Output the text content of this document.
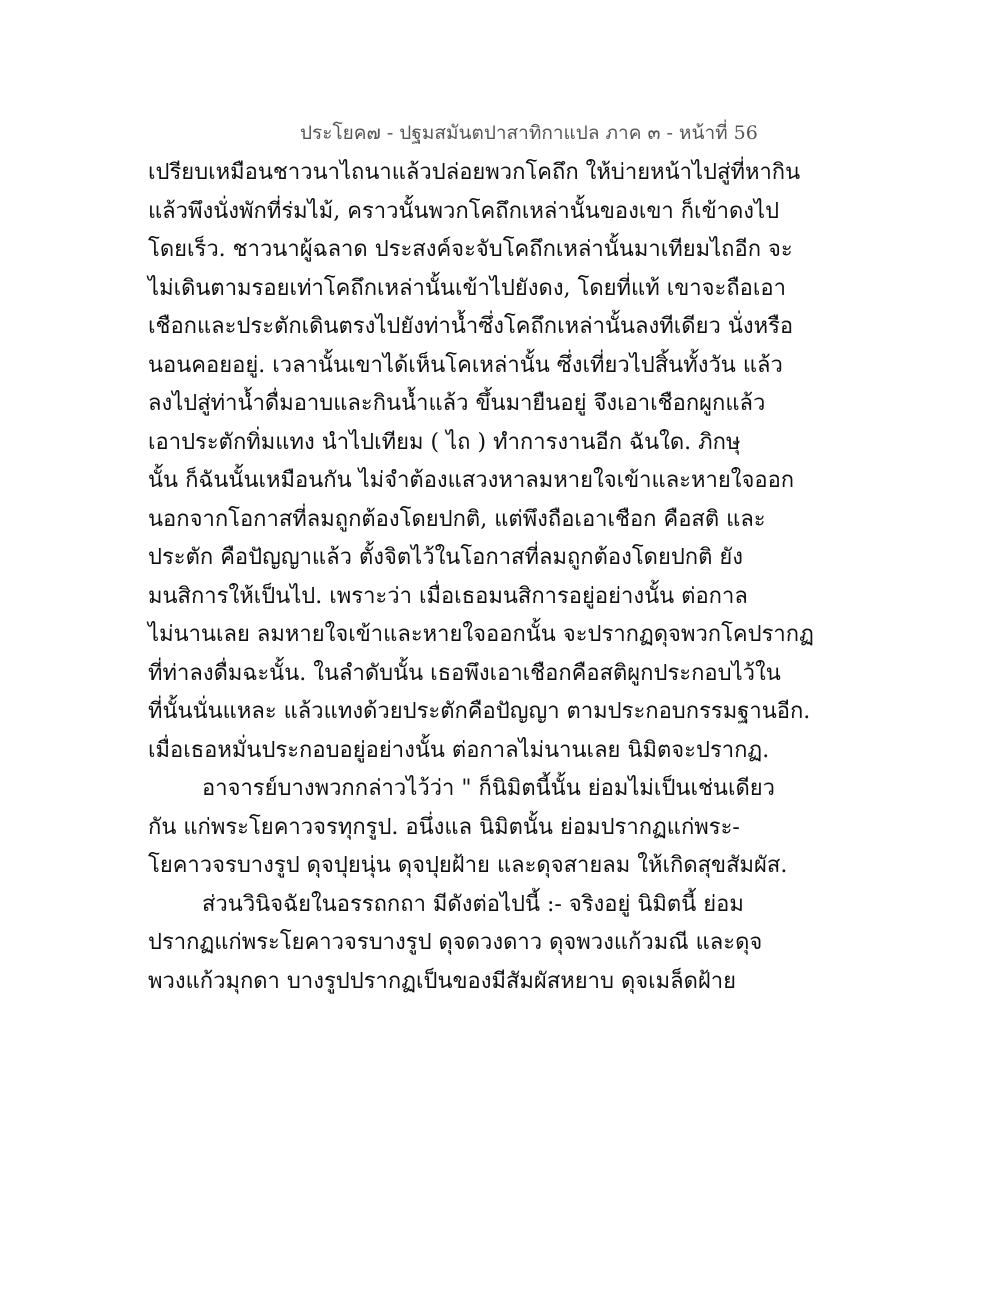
ประโยค๗ - ปฐมสมันตปาสาทิกาแปล ภาค ๓ - หน้าที่ 56
เปรียบเหมือนชาวนาไถนาแล้วปล่อยพวกโคถึก ให้บ่ายหน้าไปสู่ที่หากิน
แล้วพึงนั่งพักที่ร่มไม้, คราวนั้นพวกโคถึกเหล่านั้นของเขา ก็เข้าดงไป
โดยเร็ว. ชาวนาผู้ฉลาด ประสงค์จะจับโคถึกเหล่านั้นมาเทียมไถอีก จะ
ไม่เดินตามรอยเท่าโคถึกเหล่านั้นเข้าไปยังดง, โดยที่แท้ เขาจะถือเอา
เชือกและประตักเดินตรงไปยังท่าน้ำซึ่งโคถึกเหล่านั้นลงทีเดียว นั่งหรือ
นอนคอยอยู่. เวลานั้นเขาได้เห็นโคเหล่านั้น ซึ่งเที่ยวไปสิ้นทั้งวัน แล้ว
ลงไปสู่ท่าน้ำดื่มอาบและกินน้ำแล้ว ขึ้นมายืนอยู่ จึงเอาเชือกผูกแล้ว
เอาประตักทิ่มแทง นำไปเทียม ( ไถ ) ทำการงานอีก ฉันใด. ภิกษุ
นั้น ก็ฉันนั้นเหมือนกัน ไม่จำต้องแสวงหาลมหายใจเข้าและหายใจออก
นอกจากโอกาสที่ลมถูกต้องโดยปกติ, แต่พึงถือเอาเชือก คือสติ และ
ประตัก คือปัญญาแล้ว ตั้งจิตไว้ในโอกาสที่ลมถูกต้องโดยปกติ ยัง
มนสิการให้เป็นไป. เพราะว่า เมื่อเธอมนสิการอยู่อย่างนั้น ต่อกาล
ไม่นานเลย ลมหายใจเข้าและหายใจออกนั้น จะปรากฏดุจพวกโคปรากฏ
ที่ท่าลงดื่มฉะนั้น. ในลำดับนั้น เธอพึงเอาเชือกคือสติผูกประกอบไว้ใน
ที่นั้นนั่นแหละ แล้วแทงด้วยประตักคือปัญญา ตามประกอบกรรมฐานอีก.
เมื่อเธอหมั่นประกอบอยู่อย่างนั้น ต่อกาลไม่นานเลย นิมิตจะปรากฏ.
อาจารย์บางพวกกล่าวไว้ว่า " ก็นิมิตนี้นั้น ย่อมไม่เป็นเช่นเดียว
กัน แก่พระโยคาวจรทุกรูป. อนึ่งแล นิมิตนั้น ย่อมปรากฏแก่พระ-
โยคาวจรบางรูป ดุจปุยนุ่น ดุจปุยฝ้าย และดุจสายลม ให้เกิดสุขสัมผัส.
ส่วนวินิจฉัยในอรรถกถา มีดังต่อไปนี้ :- จริงอยู่ นิมิตนี้ ย่อม
ปรากฏแก่พระโยคาวจรบางรูป ดุจดวงดาว ดุจพวงแก้วมณี และดุจ
พวงแก้วมุกดา บางรูปปรากฏเป็นของมีสัมผัสหยาบ ดุจเมล็ดฝ้าย
